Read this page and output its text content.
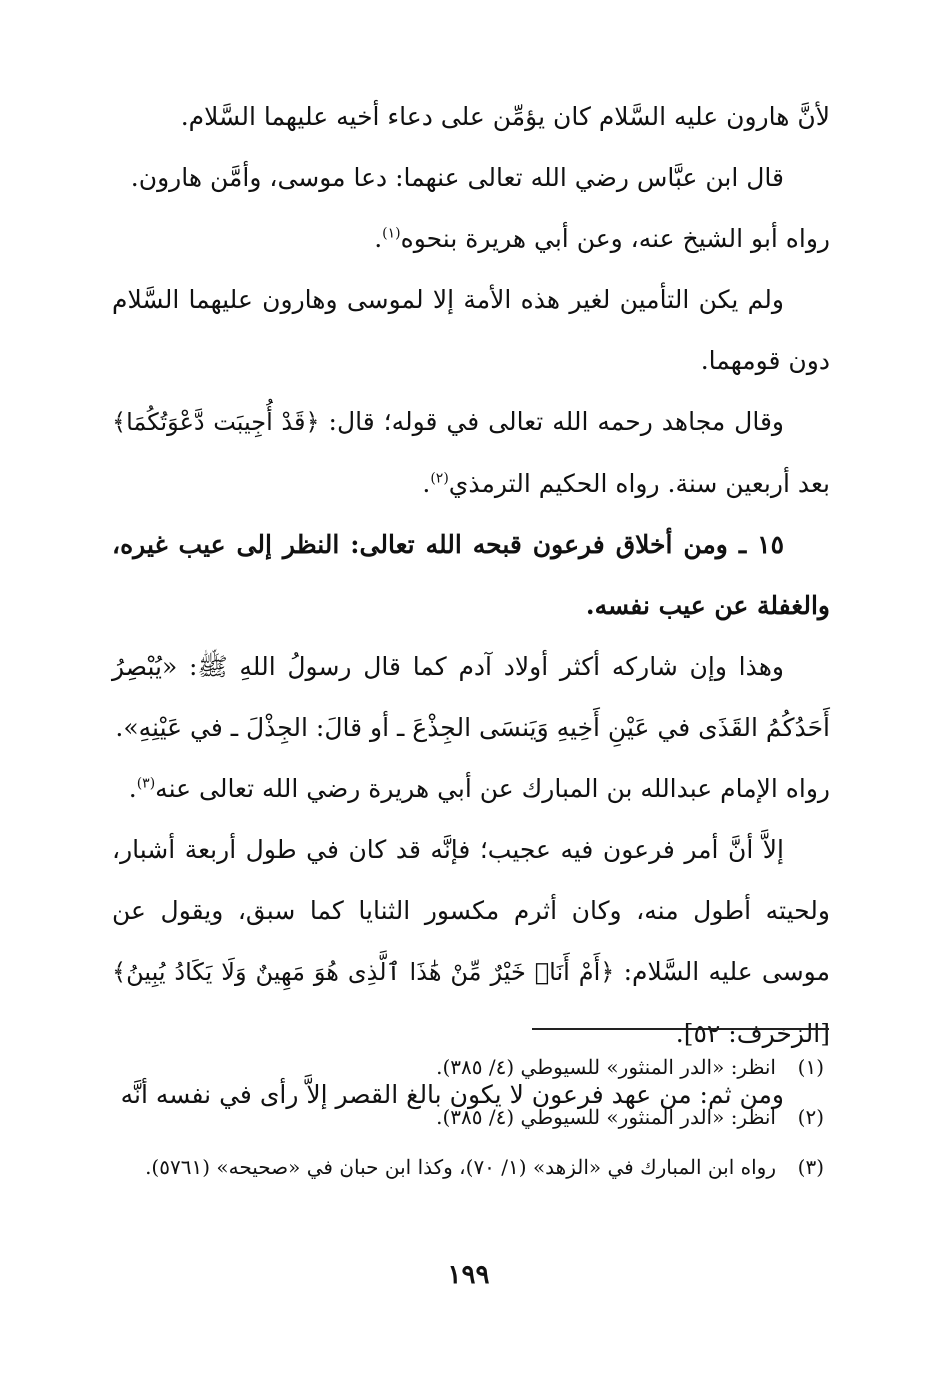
لأنَّ هارون عليه السَّلام كان يؤمِّن على دعاء أخيه عليهما السَّلام.

قال ابن عبَّاس رضي الله تعالى عنهما: دعا موسى، وأمَّن هارون.

رواه أبو الشيخ عنه، وعن أبي هريرة بنحوه$^{(١)}$.

ولم يكن التأمين لغير هذه الأمة إلا لموسى وهارون عليهما السَّلام دون قومهما.

وقال مجاهد رحمه الله تعالى في قوله؛ قال: ﴿قَدْ أُجِيبَت دَّعْوَتُكُمَا﴾ بعد أربعين سنة. رواه الحكيم الترمذي$^{(٢)}$.

١٥ ـ ومن أخلاق فرعون قبحه الله تعالى: النظر إلى عيب غيره، والغفلة عن عيب نفسه.

وهذا وإن شاركه أكثر أولاد آدم كما قال رسولُ اللهِ ﷺ: «يُبْصِرُ أَحَدُكُمُ القَذَى في عَيْنِ أَخِيهِ وَيَنسَى الجِذْعَ ـ أو قالَ: الجِذْلَ ـ في عَيْنِهِ».

رواه الإمام عبدالله بن المبارك عن أبي هريرة رضي الله تعالى عنه$^{(٣)}$.

إلاَّ أنَّ أمر فرعون فيه عجيب؛ فإنَّه قد كان في طول أربعة أشبار، ولحيته أطول منه، وكان أثرم مكسور الثنايا كما سبق، ويقول عن موسى عليه السَّلام: ﴿أَمْ أَنَا۠ خَيْرٌ مِّنْ هَٰذَا ٱلَّذِى هُوَ مَهِينٌ وَلَا يَكَادُ يُبِينُ﴾[الزخرف: ٥٢].

ومن ثم: من عهد فرعون لا يكون بالغ القصر إلاَّ رأى في نفسه أنَّه

(١)
انظر: «الدر المنثور» للسيوطي (٤/ ٣٨٥).

(٢)
انظر: «الدر المنثور» للسيوطي (٤/ ٣٨٥).

(٣)
رواه ابن المبارك في «الزهد» (١/ ٧٠)، وكذا ابن حبان في «صحيحه» (٥٧٦١).

١٩٩
